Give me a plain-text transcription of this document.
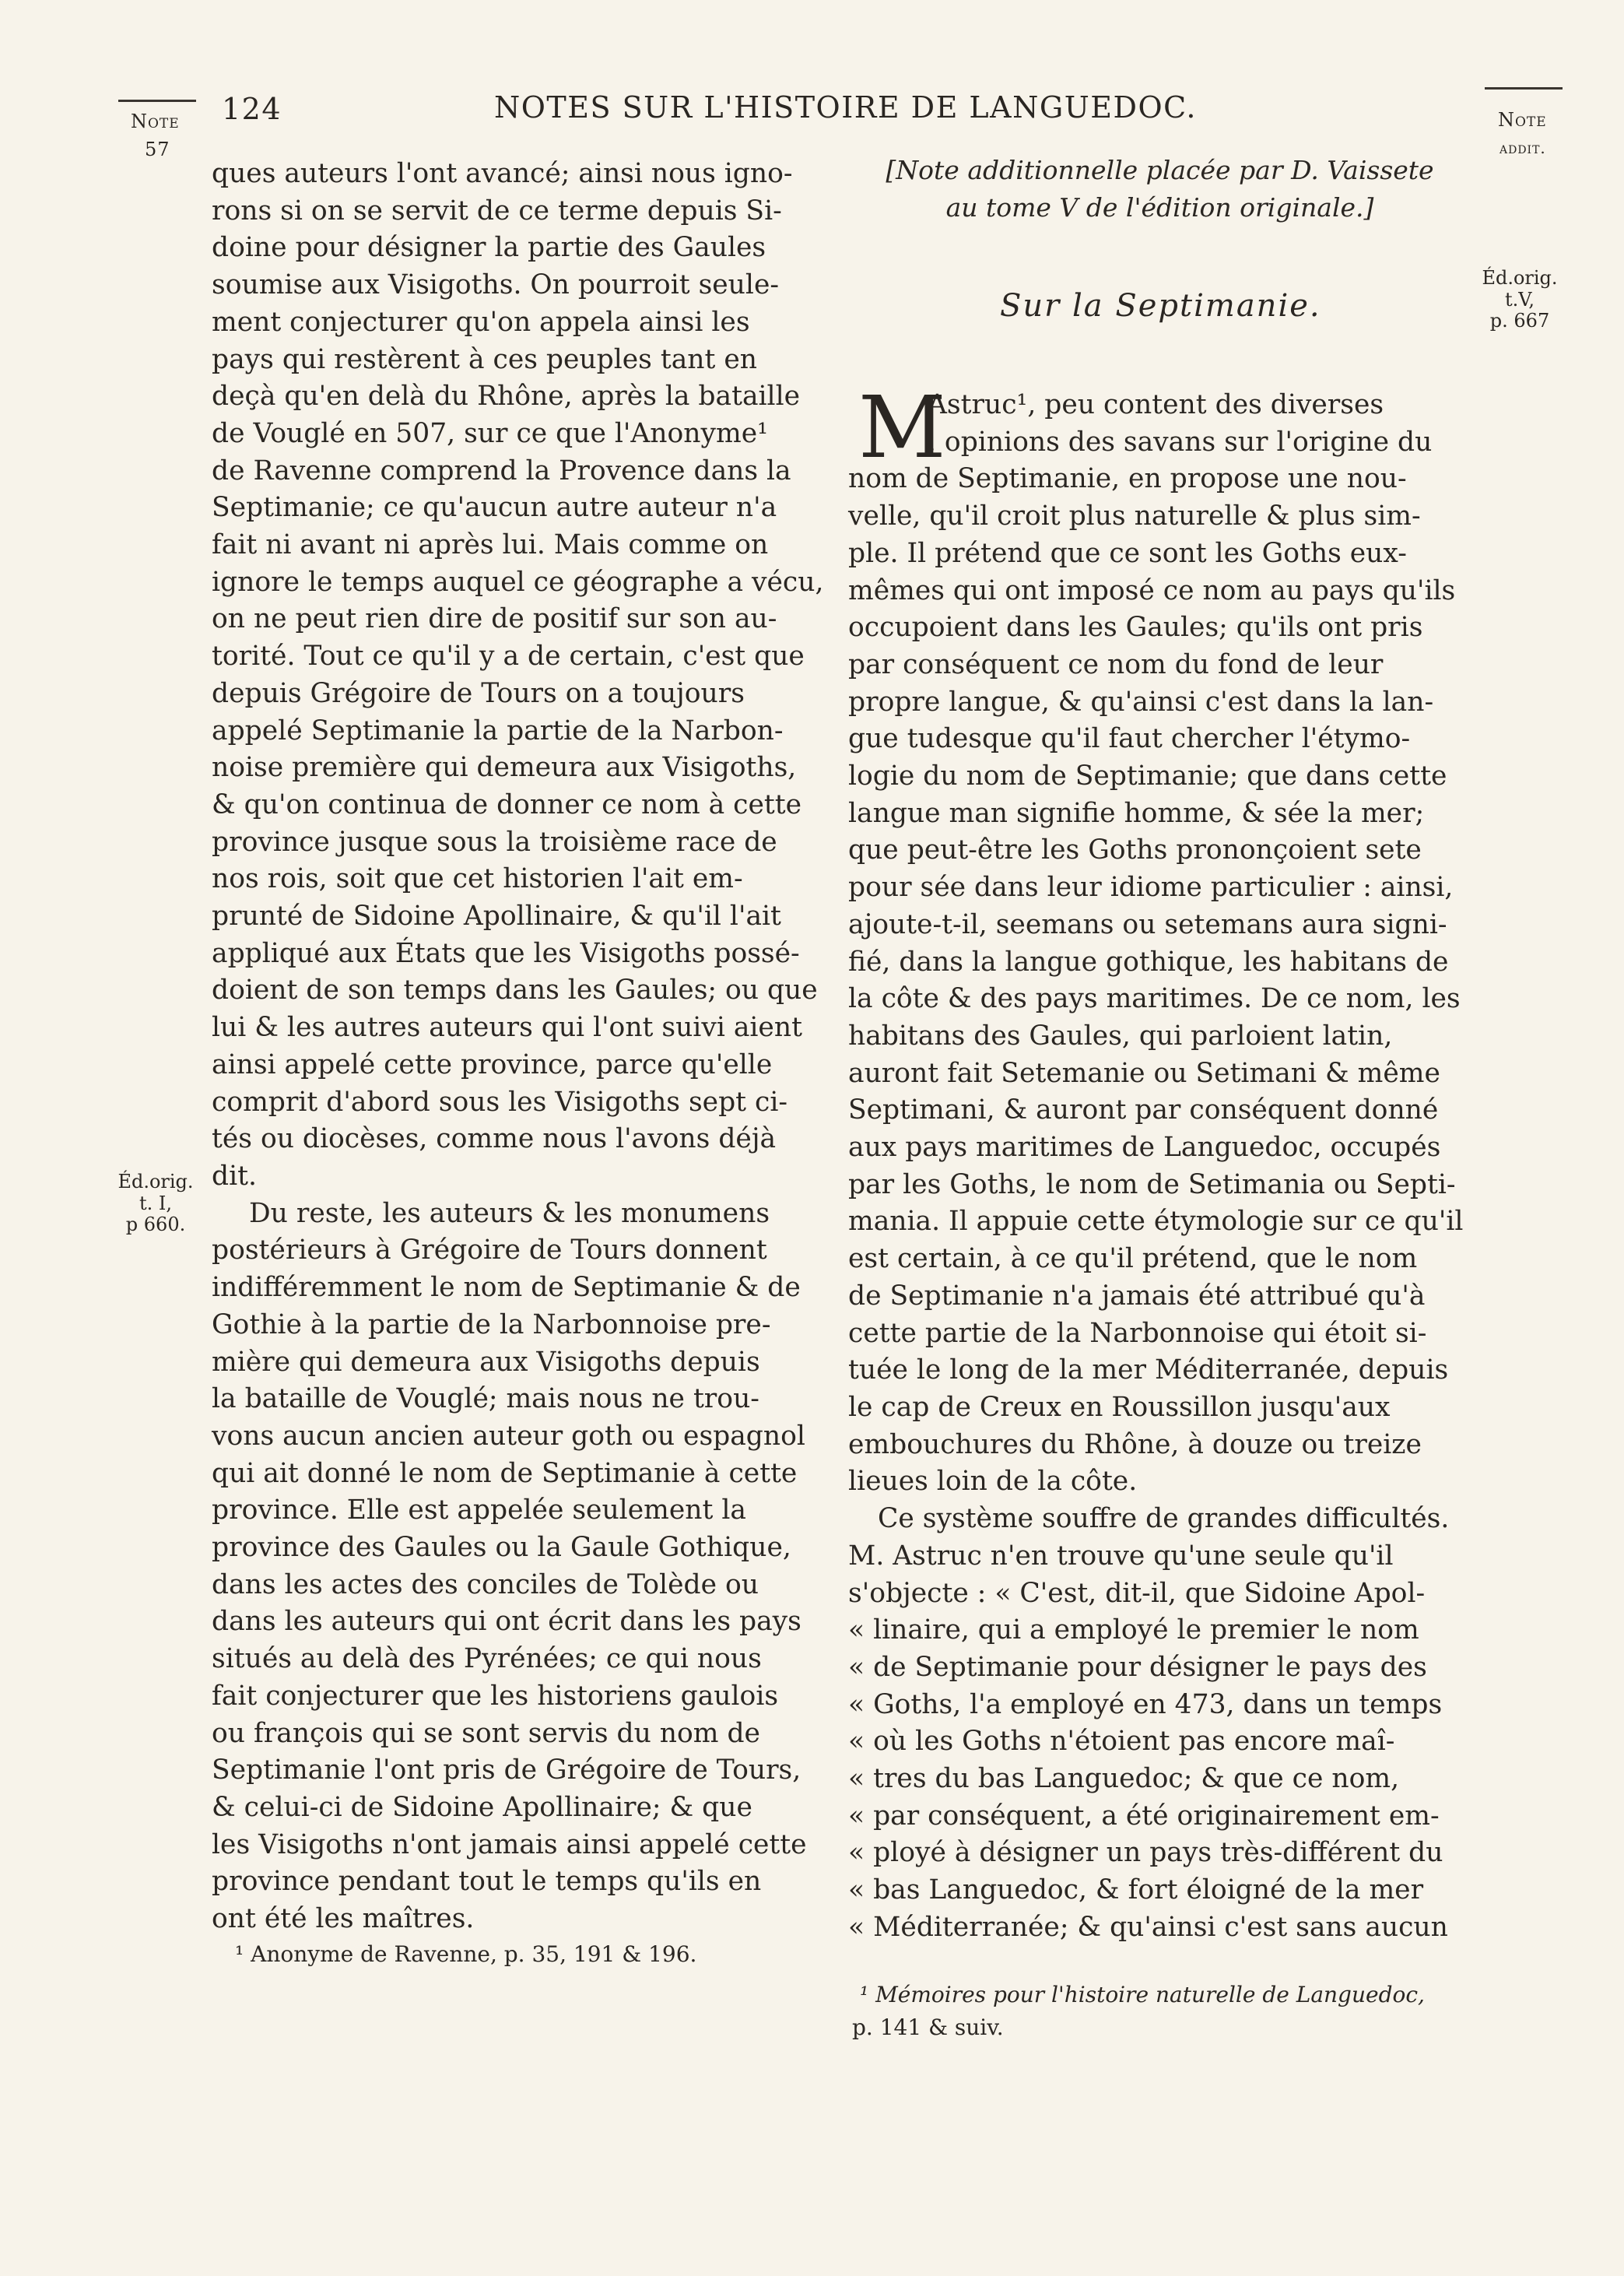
Note
57
124	NOTES SUR L'HISTOIRE DE LANGUEDOC.	Note
addit.
Éd.orig.
t.V,
p. 667
Éd.orig.
t. I,
p 660.
ques auteurs l'ont avancé; ainsi nous igno-
rons si on se servit de ce terme depuis Si-
doine pour désigner la partie des Gaules
soumise aux Visigoths. On pourroit seule-
ment conjecturer qu'on appela ainsi les
pays qui restèrent à ces peuples tant en
deçà qu'en delà du Rhône, après la bataille
de Vouglé en 507, sur ce que l'Anonyme¹
de Ravenne comprend la Provence dans la
Septimanie; ce qu'aucun autre auteur n'a
fait ni avant ni après lui. Mais comme on
ignore le temps auquel ce géographe a vécu,
on ne peut rien dire de positif sur son au-
torité. Tout ce qu'il y a de certain, c'est que
depuis Grégoire de Tours on a toujours
appelé Septimanie la partie de la Narbon-
noise première qui demeura aux Visigoths,
& qu'on continua de donner ce nom à cette
province jusque sous la troisième race de
nos rois, soit que cet historien l'ait em-
prunté de Sidoine Apollinaire, & qu'il l'ait
appliqué aux États que les Visigoths possé-
doient de son temps dans les Gaules; ou que
lui & les autres auteurs qui l'ont suivi aient
ainsi appelé cette province, parce qu'elle
comprit d'abord sous les Visigoths sept ci-
tés ou diocèses, comme nous l'avons déjà
dit.
Du reste, les auteurs & les monumens
postérieurs à Grégoire de Tours donnent
indifféremment le nom de Septimanie & de
Gothie à la partie de la Narbonnoise pre-
mière qui demeura aux Visigoths depuis
la bataille de Vouglé; mais nous ne trou-
vons aucun ancien auteur goth ou espagnol
qui ait donné le nom de Septimanie à cette
province. Elle est appelée seulement la
province des Gaules ou la Gaule Gothique,
dans les actes des conciles de Tolède ou
dans les auteurs qui ont écrit dans les pays
situés au delà des Pyrénées; ce qui nous
fait conjecturer que les historiens gaulois
ou françois qui se sont servis du nom de
Septimanie l'ont pris de Grégoire de Tours,
& celui-ci de Sidoine Apollinaire; & que
les Visigoths n'ont jamais ainsi appelé cette
province pendant tout le temps qu'ils en
ont été les maîtres.
¹ Anonyme de Ravenne, p. 35, 191 & 196.
[Note additionnelle placée par D. Vaissete
au tome V de l'édition originale.]
Sur la Septimanie.
M
Astruc¹, peu content des diverses
. opinions des savans sur l'origine du
nom de Septimanie, en propose une nou-
velle, qu'il croit plus naturelle & plus sim-
ple. Il prétend que ce sont les Goths eux-
mêmes qui ont imposé ce nom au pays qu'ils
occupoient dans les Gaules; qu'ils ont pris
par conséquent ce nom du fond de leur
propre langue, & qu'ainsi c'est dans la lan-
gue tudesque qu'il faut chercher l'étymo-
logie du nom de Septimanie; que dans cette
langue man signifie homme, & sée la mer;
que peut-être les Goths prononçoient sete
pour sée dans leur idiome particulier : ainsi,
ajoute-t-il, seemans ou setemans aura signi-
fié, dans la langue gothique, les habitans de
la côte & des pays maritimes. De ce nom, les
habitans des Gaules, qui parloient latin,
auront fait Setemanie ou Setimani & même
Septimani, & auront par conséquent donné
aux pays maritimes de Languedoc, occupés
par les Goths, le nom de Setimania ou Septi-
mania. Il appuie cette étymologie sur ce qu'il
est certain, à ce qu'il prétend, que le nom
de Septimanie n'a jamais été attribué qu'à
cette partie de la Narbonnoise qui étoit si-
tuée le long de la mer Méditerranée, depuis
le cap de Creux en Roussillon jusqu'aux
embouchures du Rhône, à douze ou treize
lieues loin de la côte.
Ce système souffre de grandes difficultés.
M. Astruc n'en trouve qu'une seule qu'il
s'objecte : « C'est, dit-il, que Sidoine Apol-
« linaire, qui a employé le premier le nom
« de Septimanie pour désigner le pays des
« Goths, l'a employé en 473, dans un temps
« où les Goths n'étoient pas encore maî-
« tres du bas Languedoc; & que ce nom,
« par conséquent, a été originairement em-
« ployé à désigner un pays très-différent du
« bas Languedoc, & fort éloigné de la mer
« Méditerranée; & qu'ainsi c'est sans aucun
¹ Mémoires pour l'histoire naturelle de Languedoc,
p. 141 & suiv.
